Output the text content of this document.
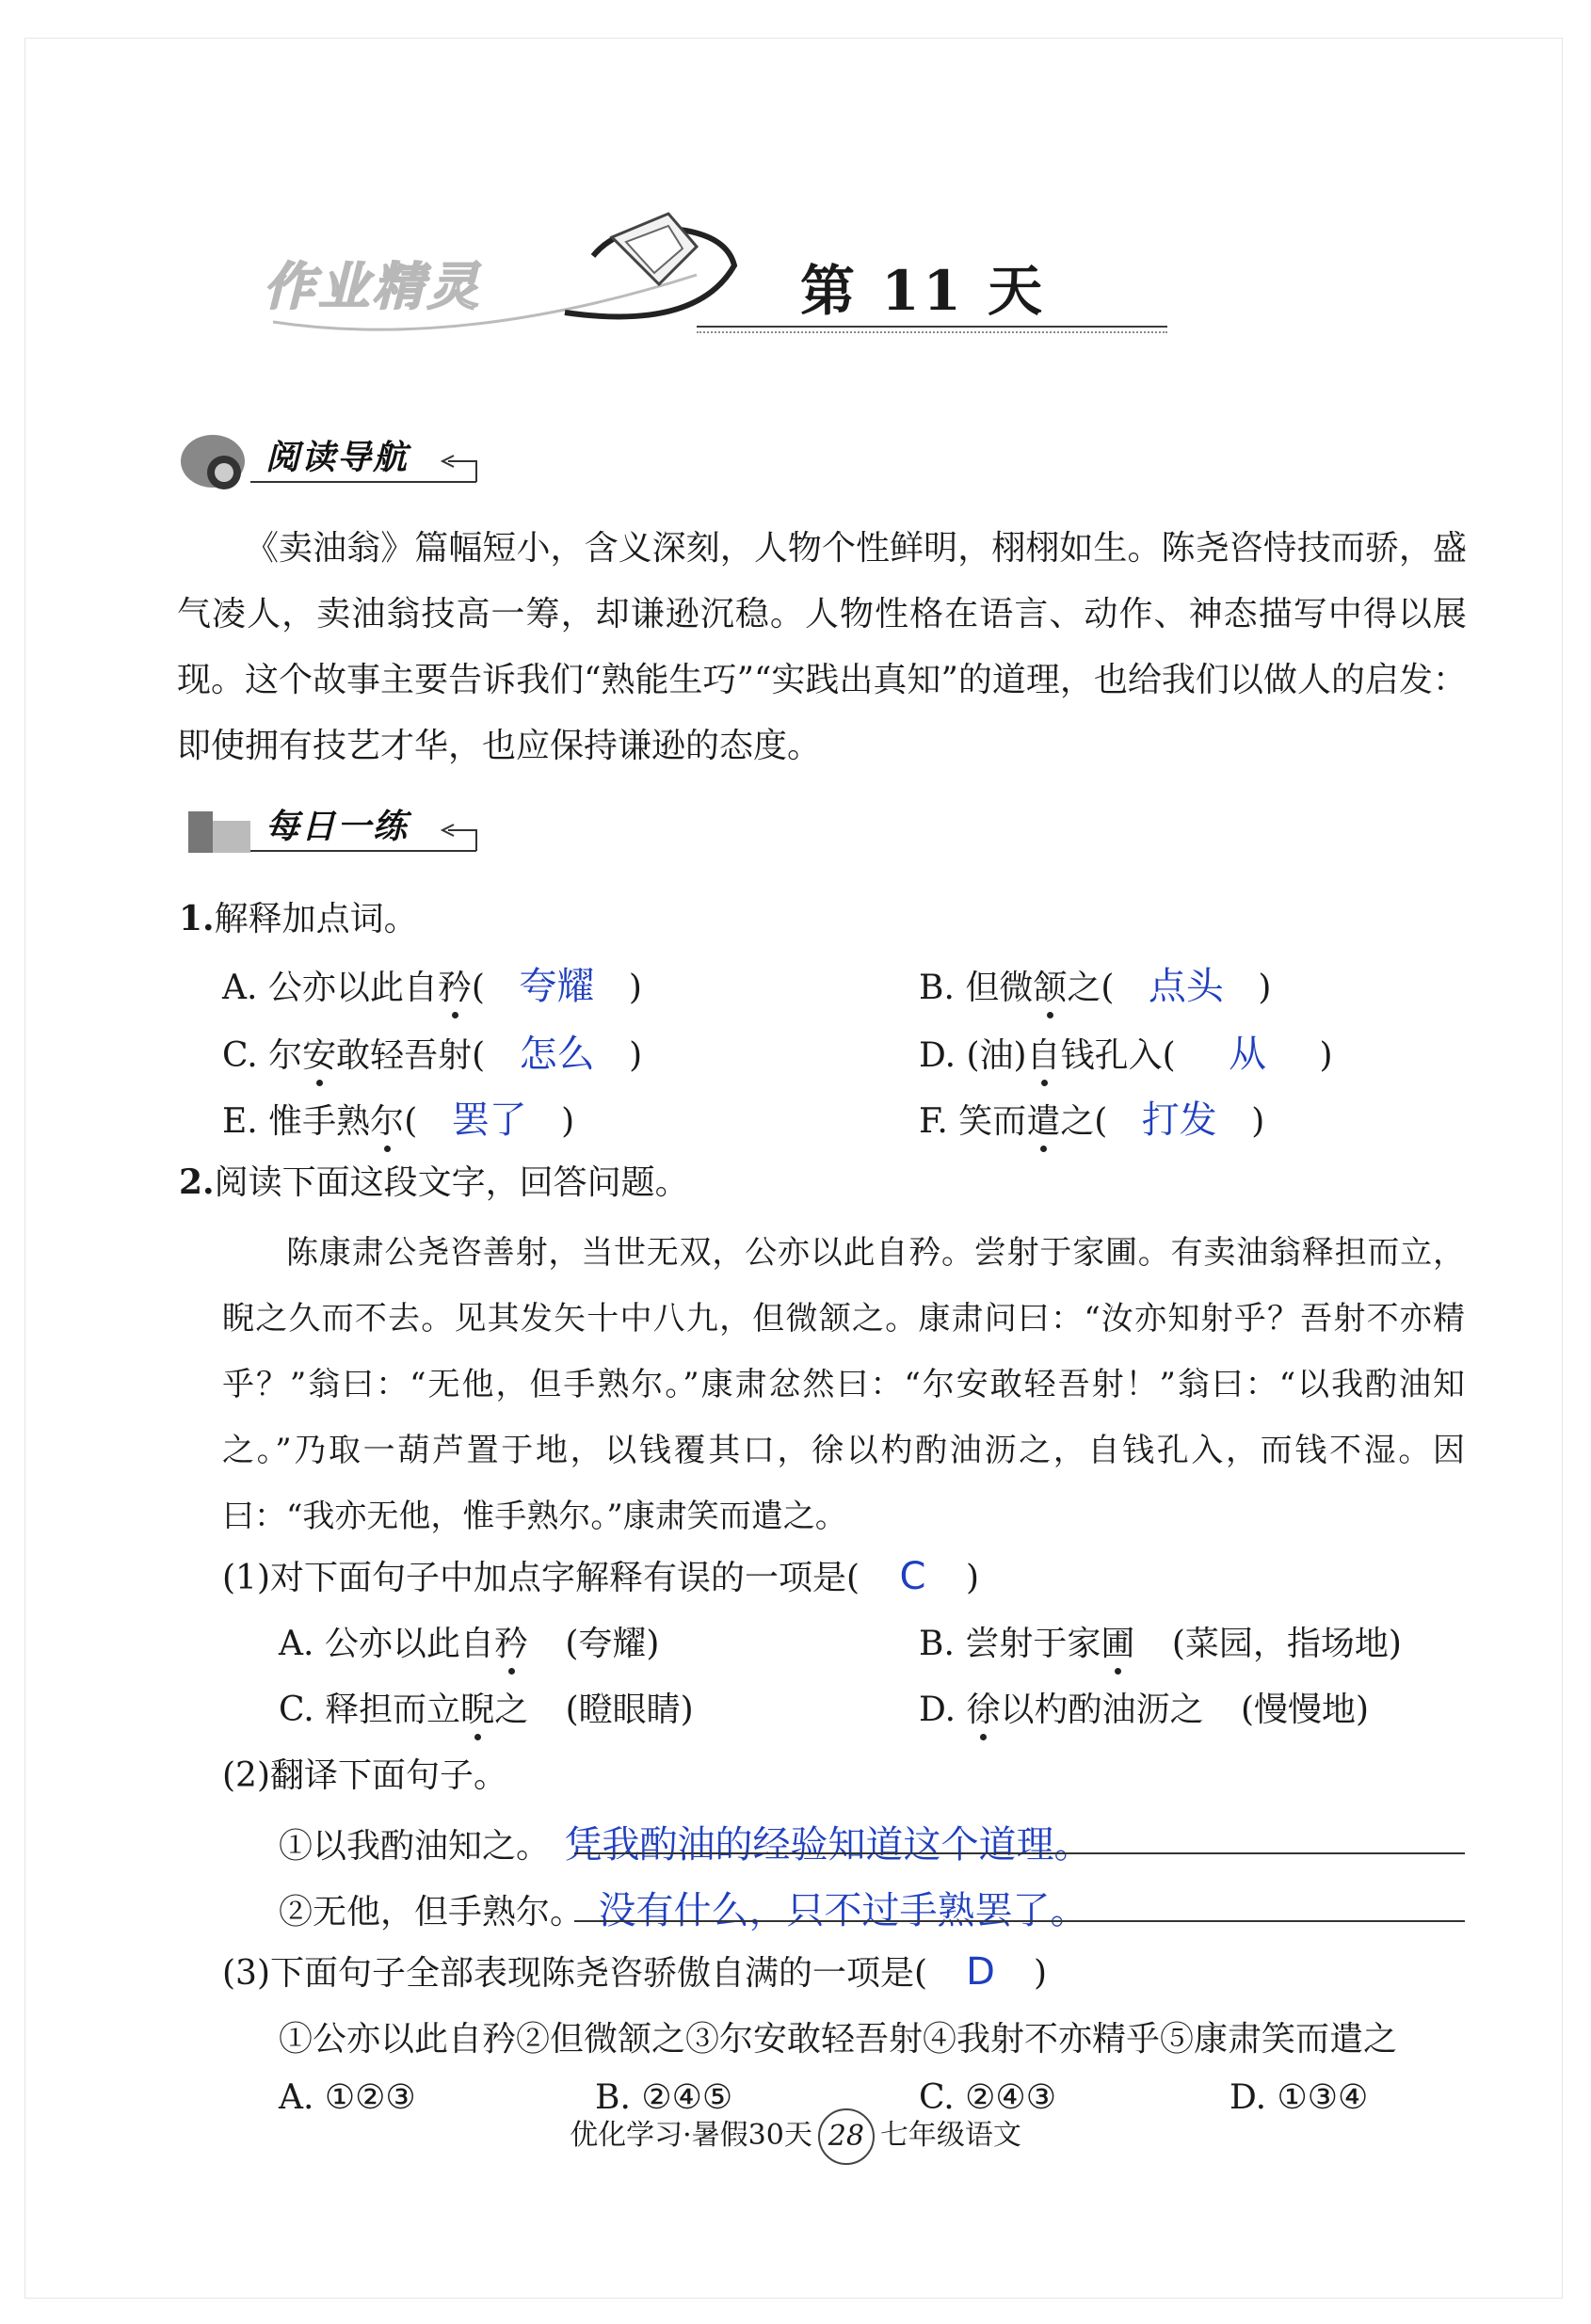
作业精灵	第 11 天
阅读导航
《卖油翁》篇幅短小，含义深刻，人物个性鲜明，栩栩如生。陈尧咨恃技而骄，盛气凌人，卖油翁技高一筹，却谦逊沉稳。人物性格在语言、动作、神态描写中得以展现。这个故事主要告诉我们“熟能生巧”“实践出真知”的道理，也给我们以做人的启发：即使拥有技艺才华，也应保持谦逊的态度。
每日一练
1.解释加点词。
A. 公亦以此自矜( 夸耀 )	B. 但微颔之( 点头 )
C. 尔安敢轻吾射( 怎么 )	D. (油)自钱孔入( 从 )
E. 惟手熟尔( 罢了 )	F. 笑而遣之( 打发 )
2.阅读下面这段文字，回答问题。
陈康肃公尧咨善射，当世无双，公亦以此自矜。尝射于家圃。有卖油翁释担而立，睨之久而不去。见其发矢十中八九，但微颔之。康肃问曰：“汝亦知射乎？吾射不亦精乎？”翁曰：“无他，但手熟尔。”康肃忿然曰：“尔安敢轻吾射！”翁曰：“以我酌油知之。”乃取一葫芦置于地，以钱覆其口，徐以杓酌油沥之，自钱孔入，而钱不湿。因曰：“我亦无他，惟手熟尔。”康肃笑而遣之。
(1)对下面句子中加点字解释有误的一项是( C )
A. 公亦以此自矜 (夸耀)	B. 尝射于家圃 (菜园，指场地)
C. 释担而立睨之 (瞪眼睛)	D. 徐以杓酌油沥之 (慢慢地)
(2)翻译下面句子。
①以我酌油知之。 凭我酌油的经验知道这个道理。
②无他，但手熟尔。 没有什么，只不过手熟罢了。
(3)下面句子全部表现陈尧咨骄傲自满的一项是( D )
①公亦以此自矜②但微颔之③尔安敢轻吾射④我射不亦精乎⑤康肃笑而遣之
A. ①②③	B. ②④⑤	C. ②④③	D. ①③④
优化学习·暑假30天 28 七年级语文
